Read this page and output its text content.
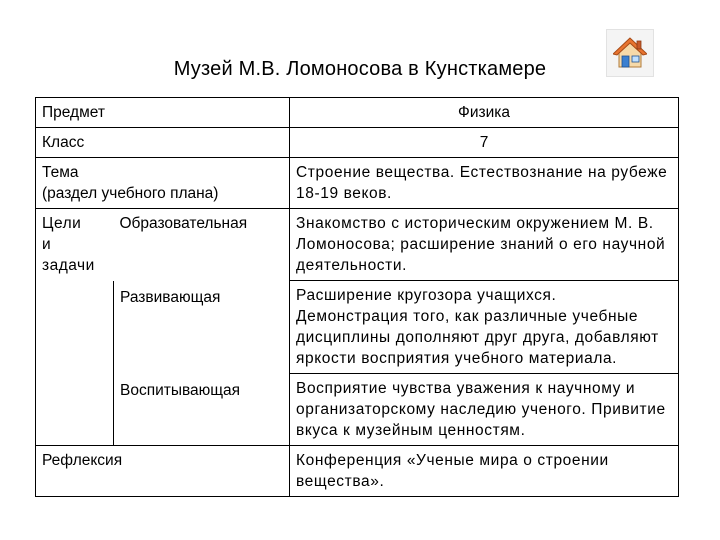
Музей М.В. Ломоносова в Кунсткамере
Предмет		Физика
Класс		7

Тема
(раздел учебного плана)		Строение вещества. Естествознание на рубеже 18-19 веков.

Цели
и
задачи	Образовательная	Знакомство с историческим окружением М. В. Ломоносова; расширение знаний о его научной деятельности.
	Развивающая	Расширение кругозора учащихся. Демонстрация того, как различные учебные дисциплины дополняют друг друга, добавляют яркости восприятия учебного материала.
	Воспитывающая	Восприятие чувства уважения к научному и организаторскому наследию ученого. Привитие вкуса к музейным ценностям.
Рефлексия		Конференция «Ученые мира о строении вещества».
